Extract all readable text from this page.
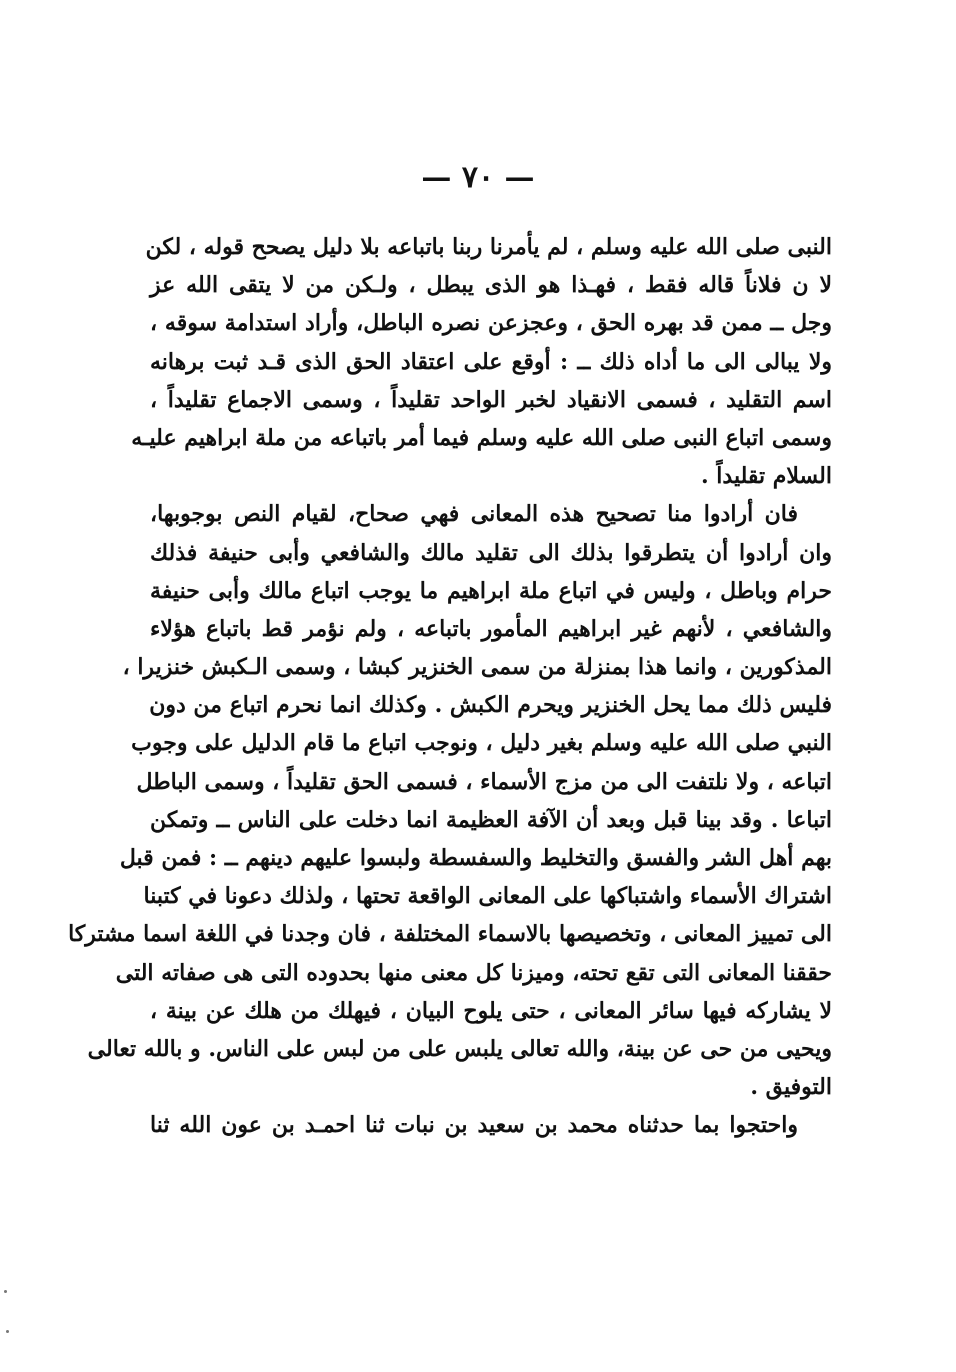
— ٧٠ —
النبى صلى الله عليه وسلم ، لم يأمرنا ربنا باتباعه بلا دليل يصحح قوله ، لكن
لا ن فلاناً قاله فقط ، فهـذا هو الذى يبطل ، ولـكن من لا يتقى الله عز
وجل ــ ممن قد بهره الحق ، وعجزعن نصره الباطل، وأراد استدامة سوقه ،
ولا يبالى الى ما أداه ذلك ــ : أوقع على اعتقاد الحق الذى قـد ثبت برهانه
اسم التقليد ، فسمى الانقياد لخبر الواحد تقليداً ، وسمى الاجماع تقليداً ،
وسمى اتباع النبى صلى الله عليه وسلم فيما أمر باتباعه من ملة ابراهيم عليـه
السلام تقليداً .
فان أرادوا منا تصحيح هذه المعانى فهي صحاح، لقيام النص بوجوبها،
وان أرادوا أن يتطرقوا بذلك الى تقليد مالك والشافعي وأبى حنيفة فذلك
حرام وباطل ، وليس في اتباع ملة ابراهيم ما يوجب اتباع مالك وأبى حنيفة
والشافعي ، لأنهم غير ابراهيم المأمور باتباعه ، ولم نؤمر قط باتباع هؤلاء
المذكورين ، وانما هذا بمنزلة من سمى الخنزير كبشا ، وسمى الـكبش خنزيرا ،
فليس ذلك مما يحل الخنزير ويحرم الكبش . وكذلك انما نحرم اتباع من دون
النبي صلى الله عليه وسلم بغير دليل ، ونوجب اتباع ما قام الدليل على وجوب
اتباعه ، ولا نلتفت الى من مزج الأسماء ، فسمى الحق تقليداً ، وسمى الباطل
اتباعا . وقد بينا قبل وبعد أن الآفة العظيمة انما دخلت على الناس ــ وتمكن
بهم أهل الشر والفسق والتخليط والسفسطة ولبسوا عليهم دينهم ــ : فمن قبل
اشتراك الأسماء واشتباكها على المعانى الواقعة تحتها ، ولذلك دعونا في كتبنا
الى تمييز المعانى ، وتخصيصها بالاسماء المختلفة ، فان وجدنا في اللغة اسما مشتركا
حققنا المعانى التى تقع تحته، وميزنا كل معنى منها بحدوده التى هى صفاته التى
لا يشاركه فيها سائر المعانى ، حتى يلوح البيان ، فيهلك من هلك عن بينة ،
ويحيى من حى عن بينة، والله تعالى يلبس على من لبس على الناس. و بالله تعالى
التوفيق .
واحتجوا بما حدثناه محمد بن سعيد بن نبات ثنا احمـد بن عون الله ثنا
